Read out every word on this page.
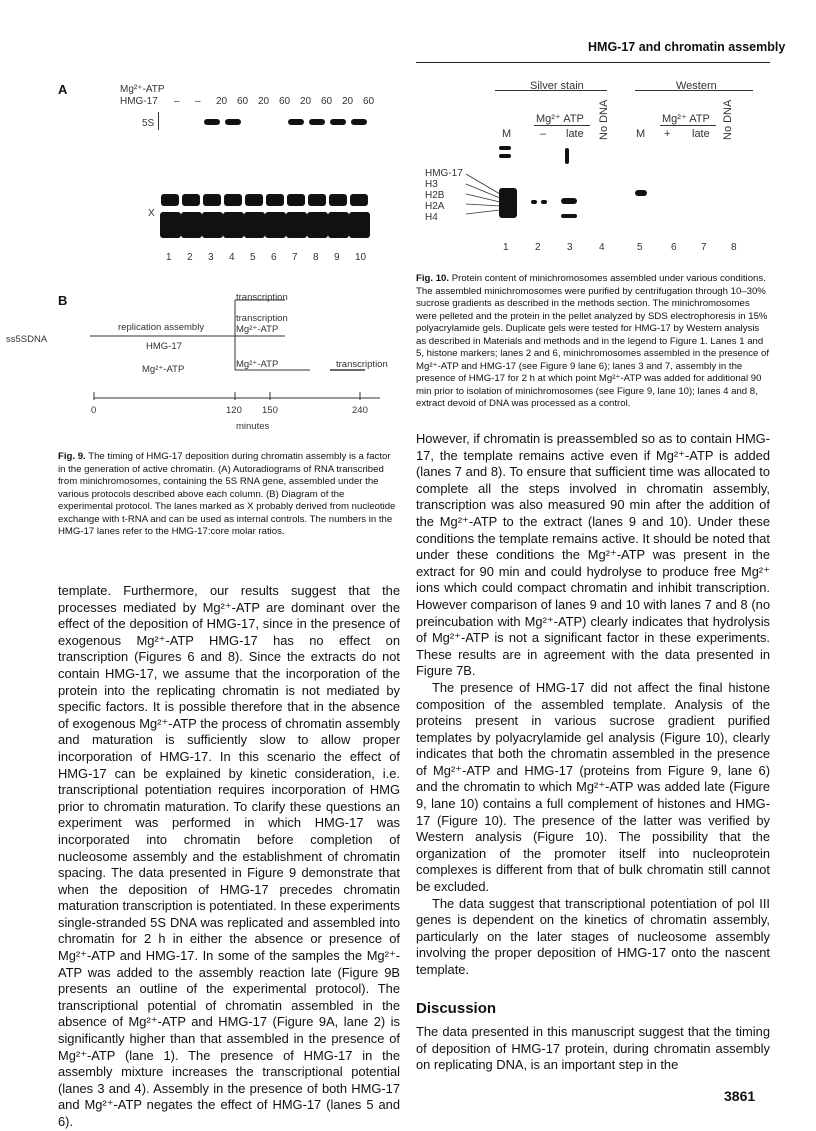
HMG-17 and chromatin assembly
A	Mg²⁺-ATP
HMG-17 – – 20 60 20 60 20 60 20 60
5S
X
1 2 3 4 5 6 7 8 9 10
B
ss5SDNA
replication assembly
HMG-17
Mg²⁺-ATP
transcription
transcription Mg²⁺-ATP
Mg²⁺-ATP	transcription
0	120 150	240
minutes
Fig. 9. The timing of HMG-17 deposition during chromatin assembly is a factor in the generation of active chromatin. (A) Autoradiograms of RNA transcribed from minichromosomes, containing the 5S RNA gene, assembled under the various protocols described above each column. (B) Diagram of the experimental protocol. The lanes marked as X probably derived from nucleotide exchange with t-RNA and can be used as internal controls. The numbers in the HMG-17 lanes refer to the HMG-17:core molar ratios.
Silver stain	Western
Mg²⁺ ATP	Mg²⁺ ATP
No DNA	No DNA
M	– late	M + late
HMG-17
H3
H2B
H2A
H4
1	2	3	4	5	6 7 8
Fig. 10. Protein content of minichromosomes assembled under various conditions. The assembled minichromosomes were purified by centrifugation through 10–30% sucrose gradients as described in the methods section. The minichromosomes were pelleted and the protein in the pellet analyzed by SDS electrophoresis in 15% polyacrylamide gels. Duplicate gels were tested for HMG-17 by Western analysis as described in Materials and methods and in the legend to Figure 1. Lanes 1 and 5, histone markers; lanes 2 and 6, minichromosomes assembled in the presence of Mg²⁺-ATP and HMG-17 (see Figure 9 lane 6); lanes 3 and 7, assembly in the presence of HMG-17 for 2 h at which point Mg²⁺-ATP was added for additional 90 min prior to isolation of minichromosomes (see Figure 9, lane 10); lanes 4 and 8, extract devoid of DNA was processed as a control.

template. Furthermore, our results suggest that the processes mediated by Mg²⁺-ATP are dominant over the effect of the deposition of HMG-17, since in the presence of exogenous Mg²⁺-ATP HMG-17 has no effect on transcription (Figures 6 and 8). Since the extracts do not contain HMG-17, we assume that the incorporation of the protein into the replicating chromatin is not mediated by specific factors. It is possible therefore that in the absence of exogenous Mg²⁺-ATP the process of chromatin assembly and maturation is sufficiently slow to allow proper incorporation of HMG-17. In this scenario the effect of HMG-17 can be explained by kinetic consideration, i.e. transcriptional potentiation requires incorporation of HMG prior to chromatin maturation. To clarify these questions an experiment was performed in which HMG-17 was incorporated into chromatin before completion of nucleosome assembly and the establishment of chromatin spacing. The data presented in Figure 9 demonstrate that when the deposition of HMG-17 precedes chromatin maturation transcription is potentiated. In these experiments single-stranded 5S DNA was replicated and assembled into chromatin for 2 h in either the absence or presence of Mg²⁺-ATP and HMG-17. In some of the samples the Mg²⁺-ATP was added to the assembly reaction late (Figure 9B presents an outline of the experimental protocol). The transcriptional potential of chromatin assembled in the absence of Mg²⁺-ATP and HMG-17 (Figure 9A, lane 2) is significantly higher than that assembled in the presence of Mg²⁺-ATP (lane 1). The presence of HMG-17 in the assembly mixture increases the transcriptional potential (lanes 3 and 4). Assembly in the presence of both HMG-17 and Mg²⁺-ATP negates the effect of HMG-17 (lanes 5 and 6).

However, if chromatin is preassembled so as to contain HMG-17, the template remains active even if Mg²⁺-ATP is added (lanes 7 and 8). To ensure that sufficient time was allocated to complete all the steps involved in chromatin assembly, transcription was also measured 90 min after the addition of the Mg²⁺-ATP to the extract (lanes 9 and 10). Under these conditions the template remains active. It should be noted that under these conditions the Mg²⁺-ATP was present in the extract for 90 min and could hydrolyse to produce free Mg²⁺ ions which could compact chromatin and inhibit transcription. However comparison of lanes 9 and 10 with lanes 7 and 8 (no preincubation with Mg²⁺-ATP) clearly indicates that hydrolysis of Mg²⁺-ATP is not a significant factor in these experiments. These results are in agreement with the data presented in Figure 7B.

The presence of HMG-17 did not affect the final histone composition of the assembled template. Analysis of the proteins present in various sucrose gradient purified templates by polyacrylamide gel analysis (Figure 10), clearly indicates that both the chromatin assembled in the presence of Mg²⁺-ATP and HMG-17 (proteins from Figure 9, lane 6) and the chromatin to which Mg²⁺-ATP was added late (Figure 9, lane 10) contains a full complement of histones and HMG-17 (Figure 10). The presence of the latter was verified by Western analysis (Figure 10). The possibility that the organization of the promoter itself into nucleoprotein complexes is different from that of bulk chromatin still cannot be excluded.

The data suggest that transcriptional potentiation of pol III genes is dependent on the kinetics of chromatin assembly, particularly on the later stages of nucleosome assembly involving the proper deposition of HMG-17 onto the nascent template.

Discussion

The data presented in this manuscript suggest that the timing of deposition of HMG-17 protein, during chromatin assembly on replicating DNA, is an important step in the

3861
